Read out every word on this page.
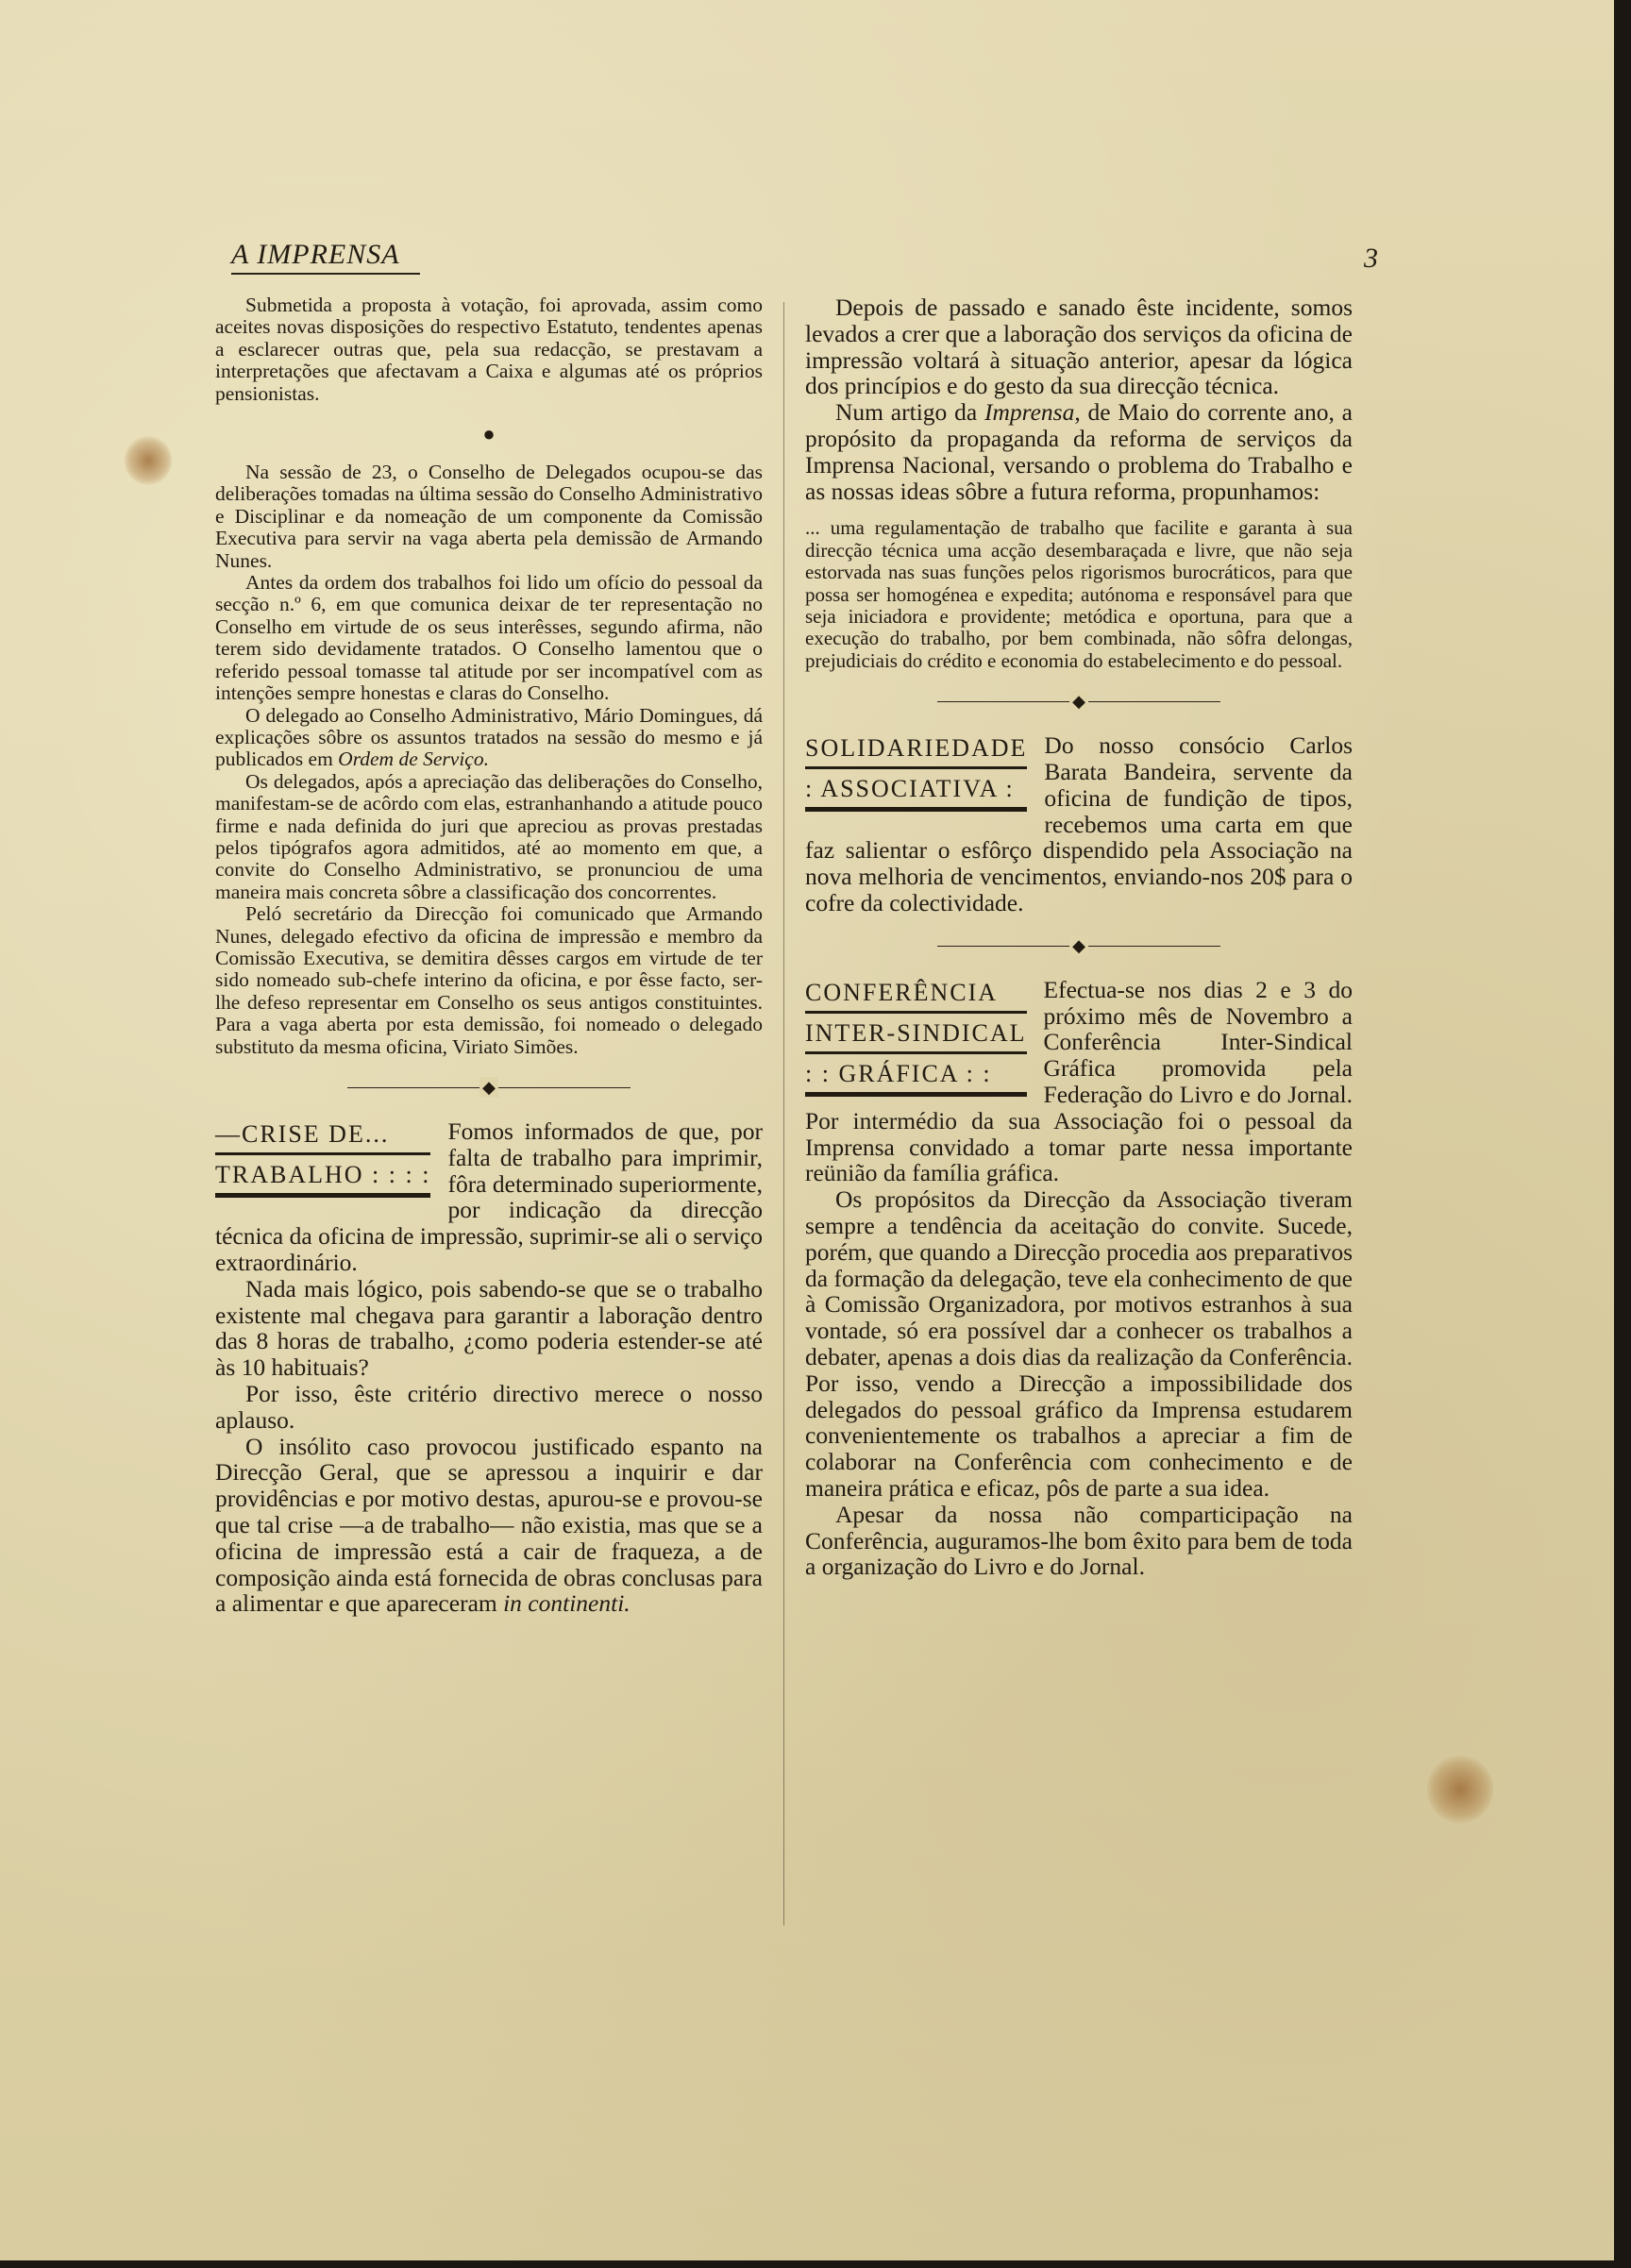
A IMPRENSA	3

Submetida a proposta à votação, foi aprovada, assim como aceites novas disposições do respectivo Estatuto, tendentes apenas a esclarecer outras que, pela sua redacção, se prestavam a interpretações que afectavam a Caixa e algumas até os próprios pensionistas.

●

Na sessão de 23, o Conselho de Delegados ocupou-se das deliberações tomadas na última sessão do Conselho Administrativo e Disciplinar e da nomeação de um componente da Comissão Executiva para servir na vaga aberta pela demissão de Armando Nunes.

Antes da ordem dos trabalhos foi lido um ofício do pessoal da secção n.º 6, em que comunica deixar de ter representação no Conselho em virtude de os seus interêsses, segundo afirma, não terem sido devidamente tratados. O Conselho lamentou que o referido pessoal tomasse tal atitude por ser incompatível com as intenções sempre honestas e claras do Conselho.

O delegado ao Conselho Administrativo, Mário Domingues, dá explicações sôbre os assuntos tratados na sessão do mesmo e já publicados em Ordem de Serviço.

Os delegados, após a apreciação das deliberações do Conselho, manifestam-se de acôrdo com elas, estranhanhando a atitude pouco firme e nada definida do juri que apreciou as provas prestadas pelos tipógrafos agora admitidos, até ao momento em que, a convite do Conselho Administrativo, se pronunciou de uma maneira mais concreta sôbre a classificação dos concorrentes.

Peló secretário da Direcção foi comunicado que Armando Nunes, delegado efectivo da oficina de impressão e membro da Comissão Executiva, se demitira dêsses cargos em virtude de ter sido nomeado sub-chefe interino da oficina, e por êsse facto, ser-lhe defeso representar em Conselho os seus antigos constituintes. Para a vaga aberta por esta demissão, foi nomeado o delegado substituto da mesma oficina, Viriato Simões.

◆
—CRISE DE...
TRABALHO : : : :

Fomos informados de que, por falta de trabalho para imprimir, fôra determinado superiormente, por indicação da direcção técnica da oficina de impressão, suprimir-se ali o serviço extraordinário.

Nada mais lógico, pois sabendo-se que se o trabalho existente mal chegava para garantir a laboração dentro das 8 horas de trabalho, ¿como poderia estender-se até às 10 habituais?

Por isso, êste critério directivo merece o nosso aplauso.

O insólito caso provocou justificado espanto na Direcção Geral, que se apressou a inquirir e dar providências e por motivo destas, apurou-se e provou-se que tal crise —a de trabalho— não existia, mas que se a oficina de impressão está a cair de fraqueza, a de composição ainda está fornecida de obras conclusas para a alimentar e que apareceram in continenti.

Depois de passado e sanado êste incidente, somos levados a crer que a laboração dos serviços da oficina de impressão voltará à situação anterior, apesar da lógica dos princípios e do gesto da sua direcção técnica.

Num artigo da Imprensa, de Maio do corrente ano, a propósito da propaganda da reforma de serviços da Imprensa Nacional, versando o problema do Trabalho e as nossas ideas sôbre a futura reforma, propunhamos:

... uma regulamentação de trabalho que facilite e garanta à sua direcção técnica uma acção desembaraçada e livre, que não seja estorvada nas suas funções pelos rigorismos burocráticos, para que possa ser homogénea e expedita; autónoma e responsável para que seja iniciadora e providente; metódica e oportuna, para que a execução do trabalho, por bem combinada, não sôfra delongas, prejudiciais do crédito e economia do estabelecimento e do pessoal.

◆
SOLIDARIEDADE
: ASSOCIATIVA :

Do nosso consócio Carlos Barata Bandeira, servente da oficina de fundição de tipos, recebemos uma carta em que faz salientar o esfôrço dispendido pela Associação na nova melhoria de vencimentos, enviando-nos 20$ para o cofre da colectividade.

◆
CONFERÊNCIA
INTER-SINDICAL
: : GRÁFICA : :

Efectua-se nos dias 2 e 3 do próximo mês de Novembro a Conferência Inter-Sindical Gráfica promovida pela Federação do Livro e do Jornal. Por intermédio da sua Associação foi o pessoal da Imprensa convidado a tomar parte nessa importante reünião da família gráfica.

Os propósitos da Direcção da Associação tiveram sempre a tendência da aceitação do convite. Sucede, porém, que quando a Direcção procedia aos preparativos da formação da delegação, teve ela conhecimento de que à Comissão Organizadora, por motivos estranhos à sua vontade, só era possível dar a conhecer os trabalhos a debater, apenas a dois dias da realização da Conferência. Por isso, vendo a Direcção a impossibilidade dos delegados do pessoal gráfico da Imprensa estudarem convenientemente os trabalhos a apreciar a fim de colaborar na Conferência com conhecimento e de maneira prática e eficaz, pôs de parte a sua idea.

Apesar da nossa não comparticipação na Conferência, auguramos-lhe bom êxito para bem de toda a organização do Livro e do Jornal.
